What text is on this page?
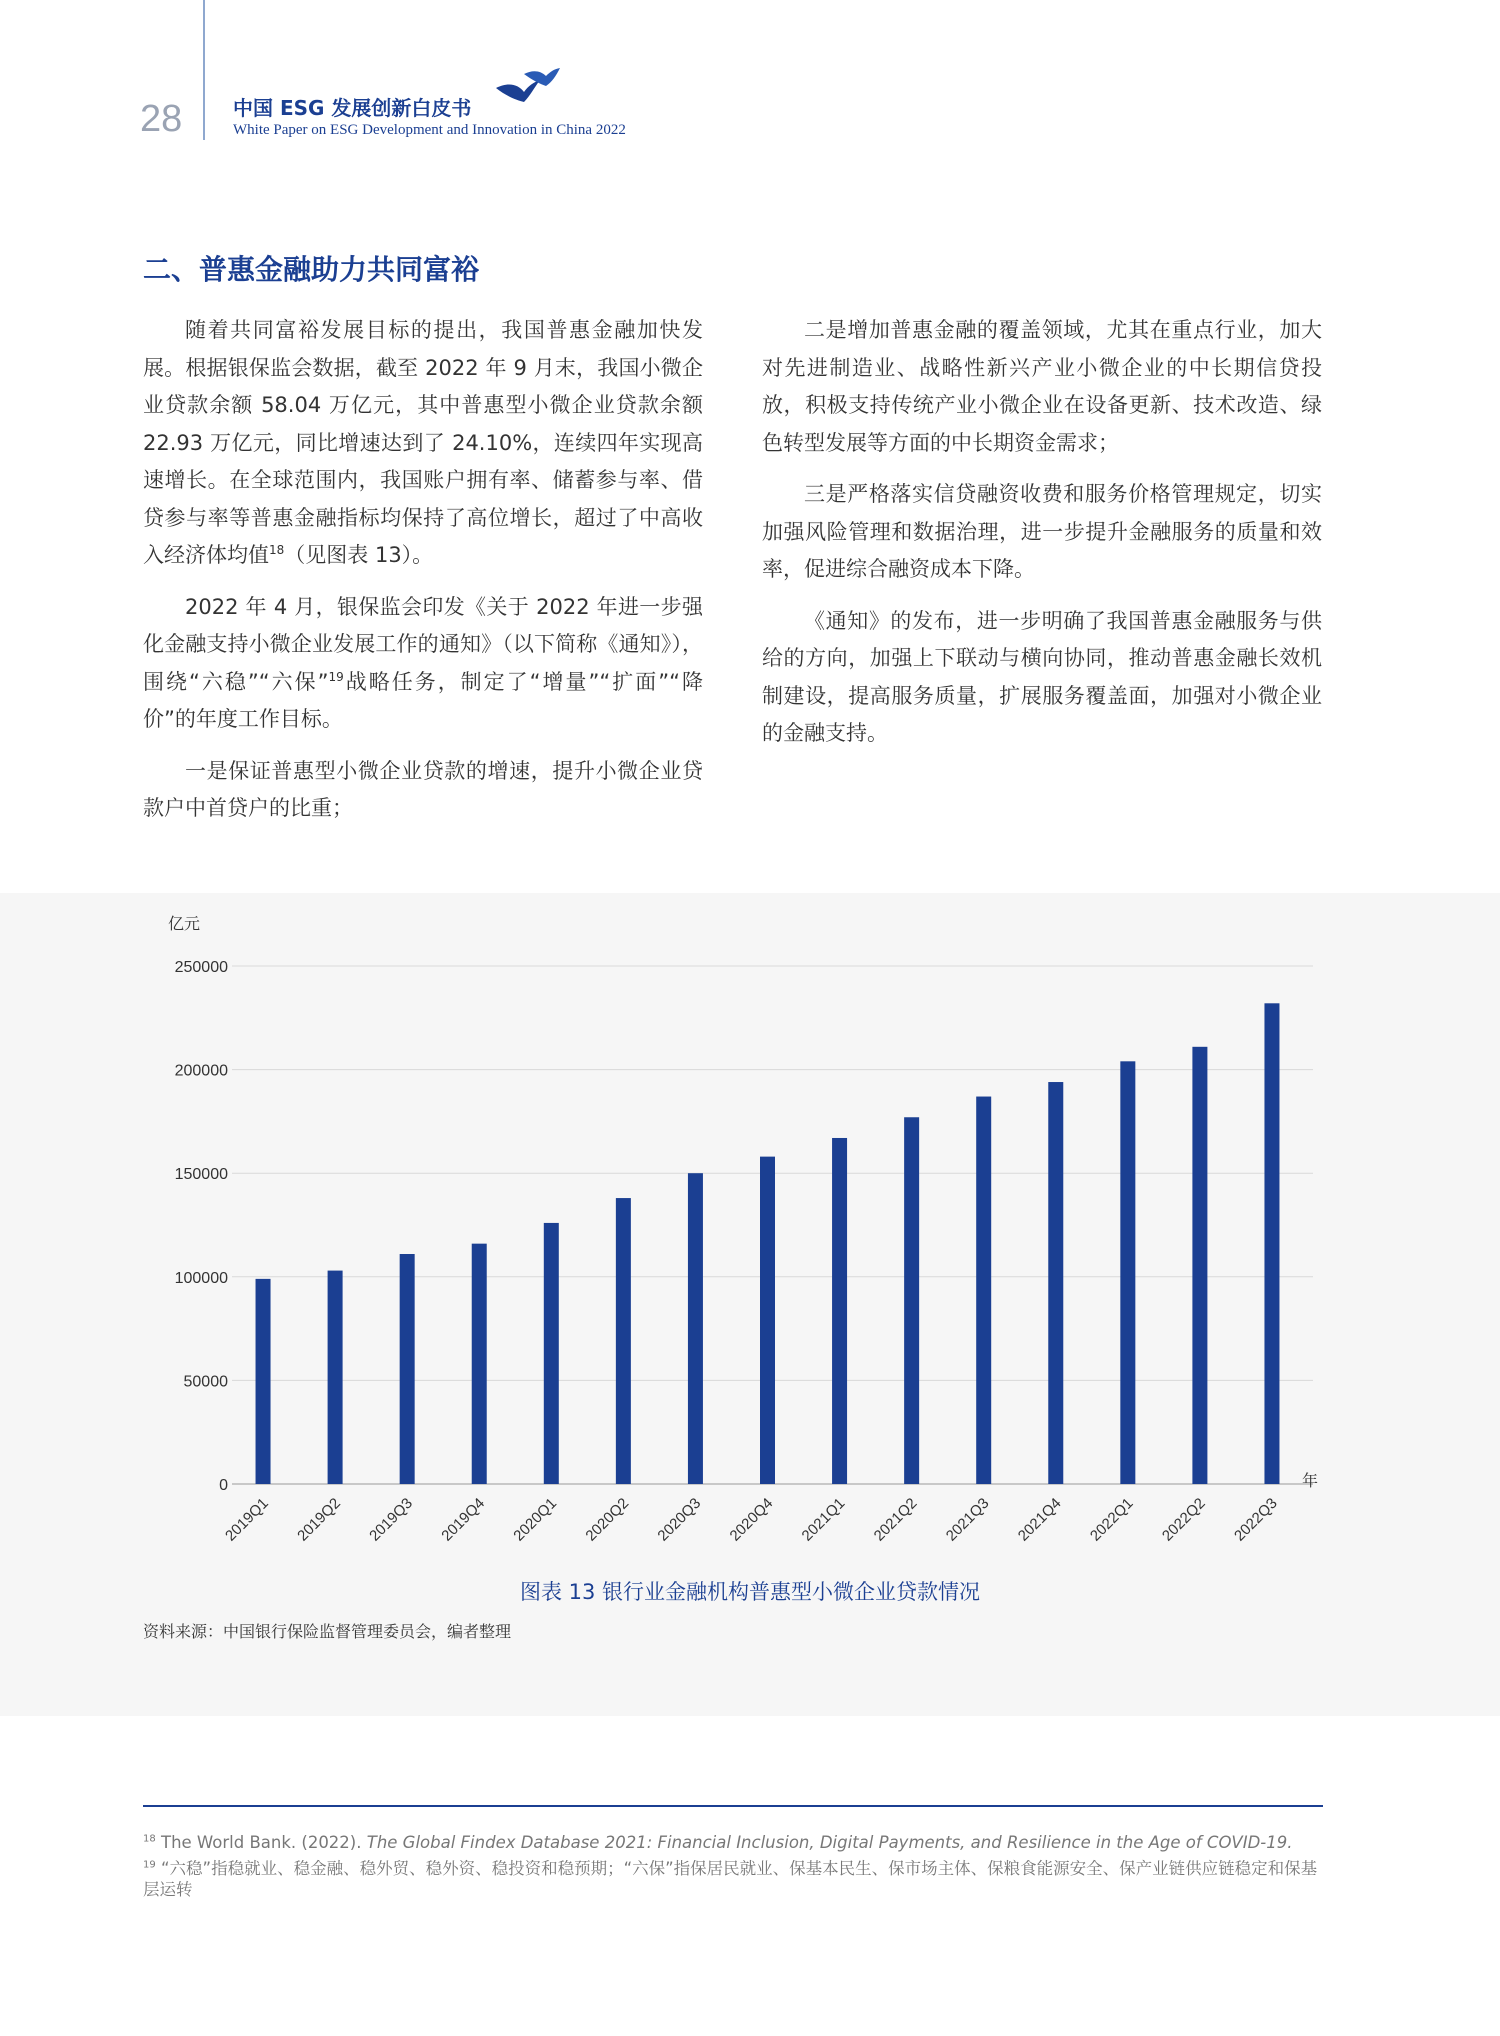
28	中国 ESG 发展创新白皮书
White Paper on ESG Development and Innovation in China 2022
二、普惠金融助力共同富裕

随着共同富裕发展目标的提出，我国普惠金融加快发展。根据银保监会数据，截至 2022 年 9 月末，我国小微企业贷款余额 58.04 万亿元，其中普惠型小微企业贷款余额 22.93 万亿元，同比增速达到了 24.10%，连续四年实现高速增长。在全球范围内，我国账户拥有率、储蓄参与率、借贷参与率等普惠金融指标均保持了高位增长，超过了中高收入经济体均值$^{18}$（见图表 13）。

2022 年 4 月，银保监会印发《关于 2022 年进一步强化金融支持小微企业发展工作的通知》（以下简称《通知》），围绕“六稳”“六保”$^{19}$战略任务，制定了“增量”“扩面”“降价”的年度工作目标。

一是保证普惠型小微企业贷款的增速，提升小微企业贷款户中首贷户的比重；

二是增加普惠金融的覆盖领域，尤其在重点行业，加大对先进制造业、战略性新兴产业小微企业的中长期信贷投放，积极支持传统产业小微企业在设备更新、技术改造、绿色转型发展等方面的中长期资金需求；

三是严格落实信贷融资收费和服务价格管理规定，切实加强风险管理和数据治理，进一步提升金融服务的质量和效率，促进综合融资成本下降。

《通知》的发布，进一步明确了我国普惠金融服务与供给的方向，加强上下联动与横向协同，推动普惠金融长效机制建设，提高服务质量，扩展服务覆盖面，加强对小微企业的金融支持。

亿元
0
50000
100000
150000
200000
250000
年
2019Q1 2019Q2 2019Q3 2019Q4 2020Q1 2020Q2 2020Q3 2020Q4 2021Q1 2021Q2 2021Q3 2021Q4 2022Q1 2022Q2 2022Q3
图表 13 银行业金融机构普惠型小微企业贷款情况
资料来源：中国银行保险监督管理委员会，编者整理
$^{18}$ The World Bank. (2022). The Global Findex Database 2021: Financial Inclusion, Digital Payments, and Resilience in the Age of COVID-19.
$^{19}$ “六稳”指稳就业、稳金融、稳外贸、稳外资、稳投资和稳预期；“六保”指保居民就业、保基本民生、保市场主体、保粮食能源安全、保产业链供应链稳定和保基层运转
